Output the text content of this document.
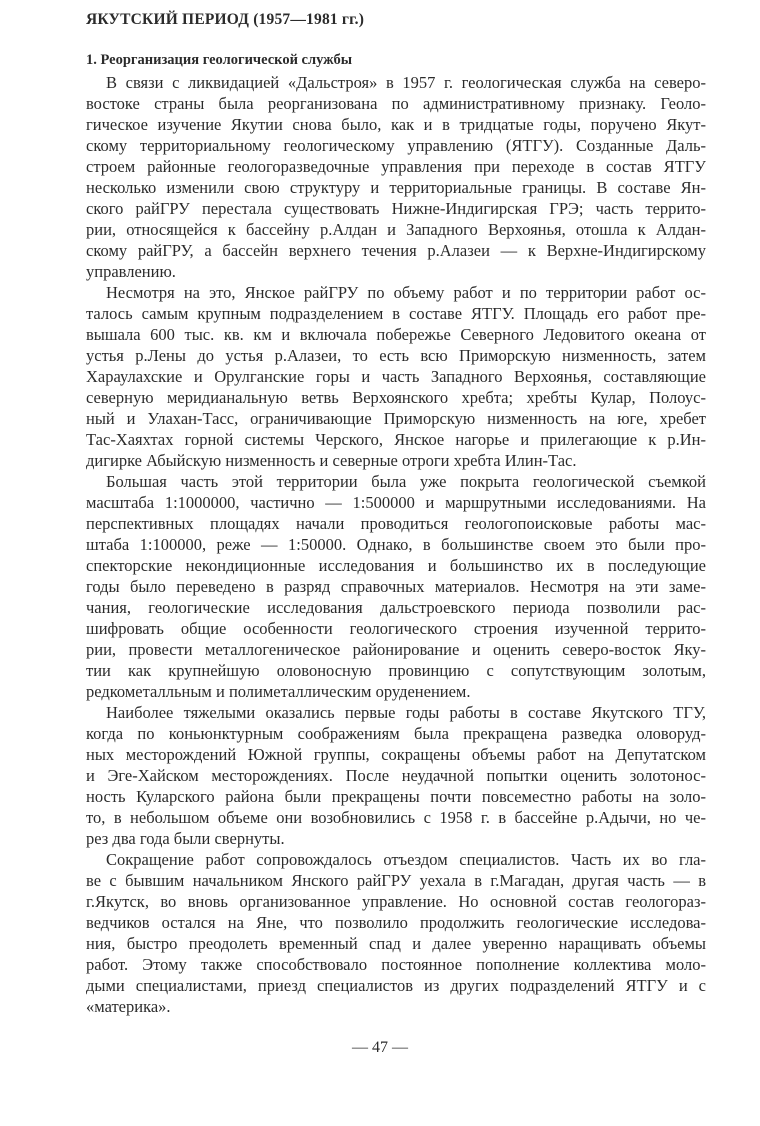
ЯКУТСКИЙ ПЕРИОД (1957—1981 гг.)
1. Реорганизация геологической службы
В связи с ликвидацией «Дальстроя» в 1957 г. геологическая служба на северо-
востоке страны была реорганизована по административному признаку. Геоло-
гическое изучение Якутии снова было, как и в тридцатые годы, поручено Якут-
скому территориальному геологическому управлению (ЯТГУ). Созданные Даль-
строем районные геологоразведочные управления при переходе в состав ЯТГУ
несколько изменили свою структуру и территориальные границы. В составе Ян-
ского райГРУ перестала существовать Нижне-Индигирская ГРЭ; часть террито-
рии, относящейся к бассейну р.Алдан и Западного Верхоянья, отошла к Алдан-
скому райГРУ, а бассейн верхнего течения р.Алазеи — к Верхне-Индигирскому
управлению.
Несмотря на это, Янское райГРУ по объему работ и по территории работ ос-
талось самым крупным подразделением в составе ЯТГУ. Площадь его работ пре-
вышала 600 тыс. кв. км и включала побережье Северного Ледовитого океана от
устья р.Лены до устья р.Алазеи, то есть всю Приморскую низменность, затем
Хараулахские и Орулганские горы и часть Западного Верхоянья, составляющие
северную меридианальную ветвь Верхоянского хребта; хребты Кулар, Полоус-
ный и Улахан-Тасс, ограничивающие Приморскую низменность на юге, хребет
Тас-Хаяхтах горной системы Черского, Янское нагорье и прилегающие к р.Ин-
дигирке Абыйскую низменность и северные отроги хребта Илин-Тас.
Большая часть этой территории была уже покрыта геологической съемкой
масштаба 1:1000000, частично — 1:500000 и маршрутными исследованиями. На
перспективных площадях начали проводиться геологопоисковые работы мас-
штаба 1:100000, реже — 1:50000. Однако, в большинстве своем это были про-
спекторские некондиционные исследования и большинство их в последующие
годы было переведено в разряд справочных материалов. Несмотря на эти заме-
чания, геологические исследования дальстроевского периода позволили рас-
шифровать общие особенности геологического строения изученной террито-
рии, провести металлогеническое районирование и оценить северо-восток Яку-
тии как крупнейшую оловоносную провинцию с сопутствующим золотым,
редкометалльным и полиметаллическим оруденением.
Наиболее тяжелыми оказались первые годы работы в составе Якутского ТГУ,
когда по коньюнктурным соображениям была прекращена разведка оловоруд-
ных месторождений Южной группы, сокращены объемы работ на Депутатском
и Эге-Хайском месторождениях. После неудачной попытки оценить золотонос-
ность Куларского района были прекращены почти повсеместно работы на золо-
то, в небольшом объеме они возобновились с 1958 г. в бассейне р.Адычи, но че-
рез два года были свернуты.
Сокращение работ сопровождалось отъездом специалистов. Часть их во гла-
ве с бывшим начальником Янского райГРУ уехала в г.Магадан, другая часть — в
г.Якутск, во вновь организованное управление. Но основной состав геологораз-
ведчиков остался на Яне, что позволило продолжить геологические исследова-
ния, быстро преодолеть временный спад и далее уверенно наращивать объемы
работ. Этому также способствовало постоянное пополнение коллектива моло-
дыми специалистами, приезд специалистов из других подразделений ЯТГУ и с
«материка».
— 47 —
